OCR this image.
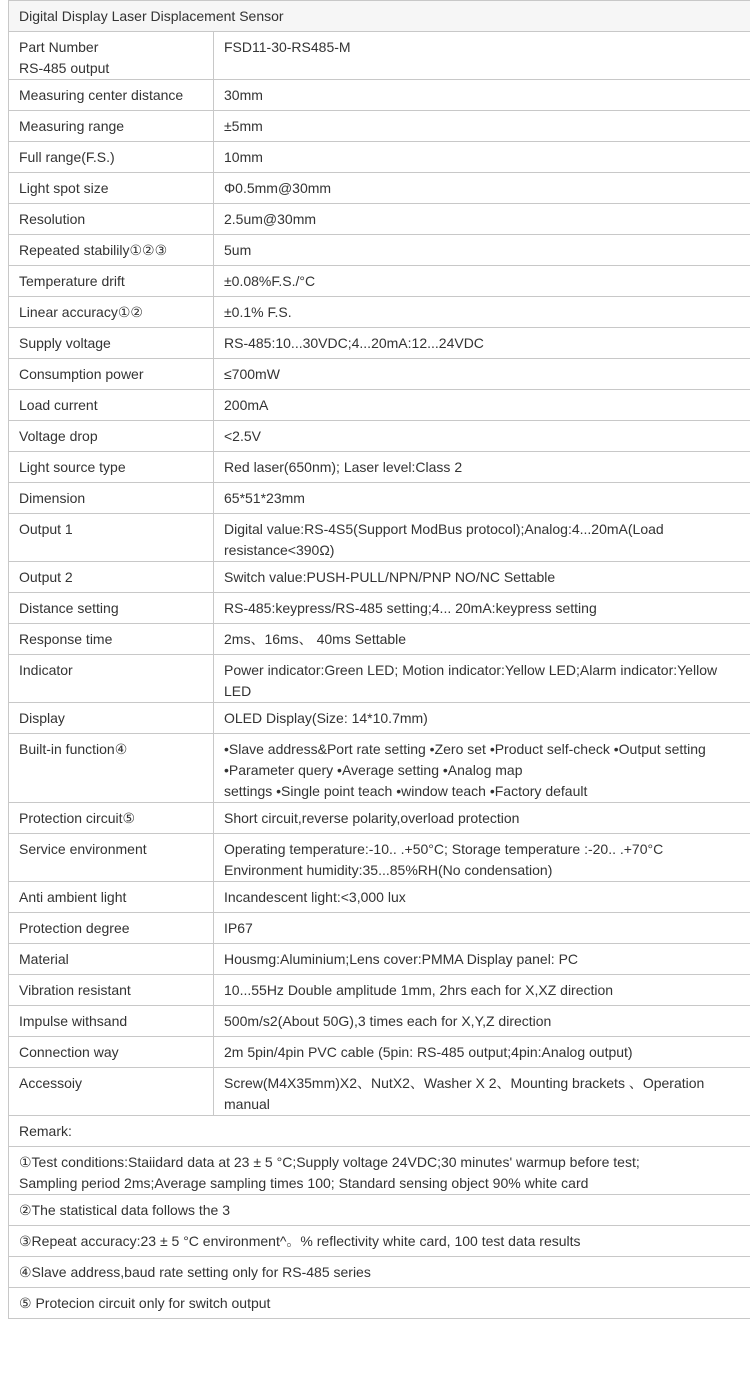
Digital Display Laser Displacement Sensor	

Part Number
RS-485 output	FSD11-30-RS485-M

Measuring center distance	30mm

Measuring range	±5mm

Full range(F.S.)	10mm

Light spot size	Φ0.5mm@30mm

Resolution	2.5um@30mm

Repeated stabilily①②③	5um

Temperature drift	±0.08%F.S./°C

Linear accuracy①②	±0.1% F.S.

Supply voltage	RS-485:10...30VDC;4...20mA:12...24VDC

Consumption power	≤700mW

Load current	200mA

Voltage drop	<2.5V

Light source type	Red laser(650nm); Laser level:Class 2

Dimension	65*51*23mm

Output 1	Digital value:RS-4S5(Support ModBus protocol);Analog:4...20mA(Load
resistance<390Ω)

Output 2	Switch value:PUSH-PULL/NPN/PNP NO/NC Settable

Distance setting	RS-485:keypress/RS-485 setting;4... 20mA:keypress setting

Response time	2ms、16ms、 40ms Settable

Indicator	Power indicator:Green LED; Motion indicator:Yellow LED;Alarm indicator:Yellow
LED

Display	OLED Display(Size: 14*10.7mm)

Built-in function④	•Slave address&Port rate setting •Zero set •Product self-check •Output setting
•Parameter query •Average setting •Analog map
settings •Single point teach •window teach •Factory default

Protection circuit⑤	Short circuit,reverse polarity,overload protection

Service environment	Operating temperature:-10.. .+50°C; Storage temperature :-20.. .+70°C
Environment humidity:35...85%RH(No condensation)

Anti ambient light	Incandescent light:<3,000 lux

Protection degree	IP67

Material	Housmg:Aluminium;Lens cover:PMMA Display panel: PC

Vibration resistant	10...55Hz Double amplitude 1mm, 2hrs each for X,XZ direction

Impulse withsand	500m/s2(About 50G),3 times each for X,Y,Z direction

Connection way	2m 5pin/4pin PVC cable (5pin: RS-485 output;4pin:Analog output)

Accessoiy	Screw(M4X35mm)X2、NutX2、Washer X 2、Mounting brackets 、Operation
manual

Remark:	

①Test conditions:Staiidard data at 23 ± 5 °C;Supply voltage 24VDC;30 minutes' warmup before test;
Sampling period 2ms;Average sampling times 100; Standard sensing object 90% white card	

②The statistical data follows the 3	

③Repeat accuracy:23 ± 5 °C environment^。% reflectivity white card, 100 test data results	

④Slave address,baud rate setting only for RS-485 series	

⑤ Protecion circuit only for switch output	
